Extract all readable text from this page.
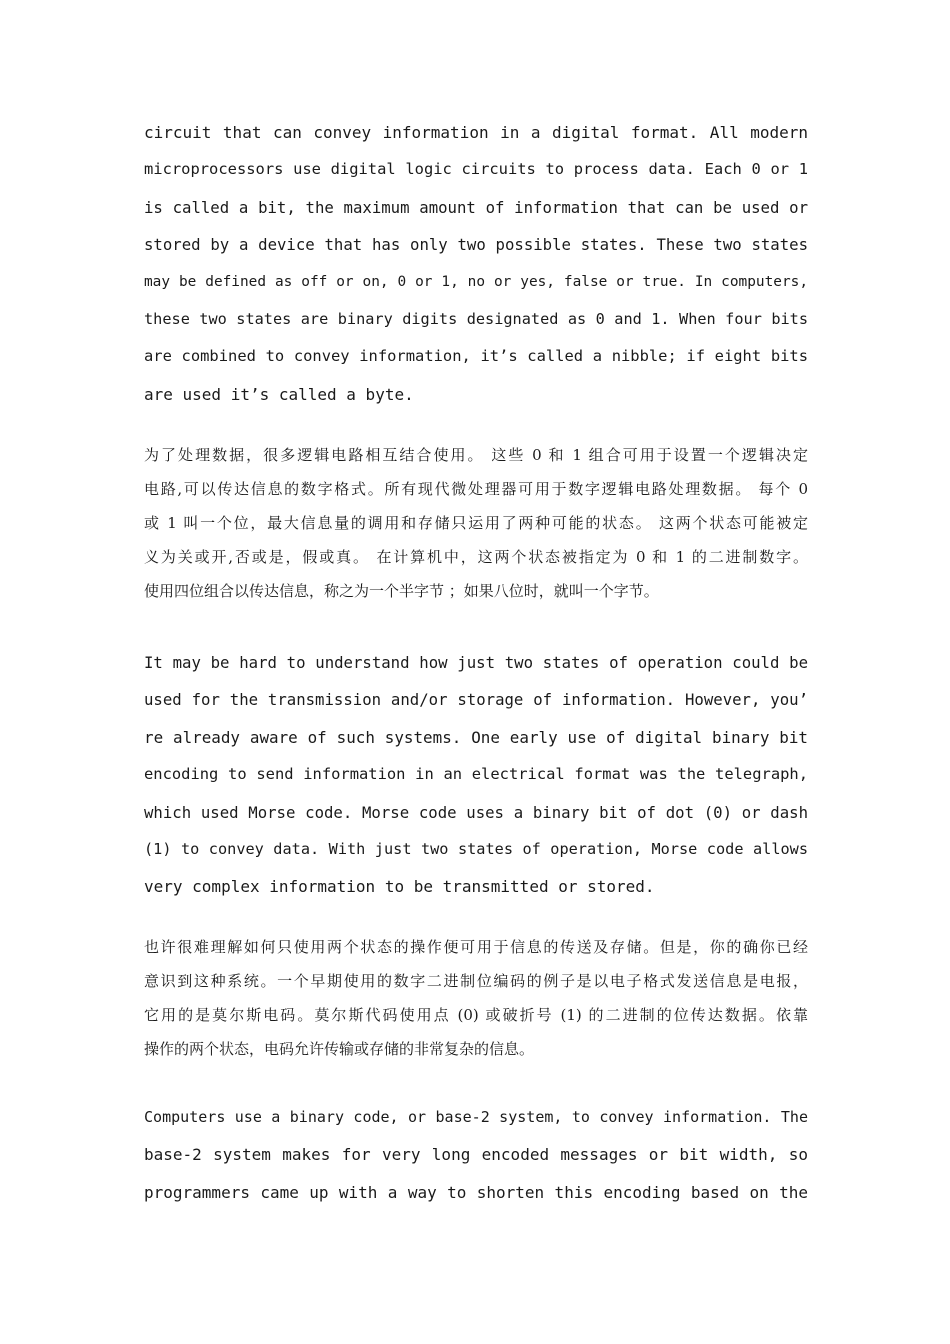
circuit that can convey information in a digital format. All modern
microprocessors use digital logic circuits to process data. Each 0 or 1
is called a bit, the maximum amount of information that can be used or
stored by a device that has only two possible states. These two states
may be defined as off or on, 0 or 1, no or yes, false or true. In computers,
these two states are binary digits designated as 0 and 1. When four bits
are combined to convey information, it’s called a nibble; if eight bits
are used it’s called a byte.
为了处理数据，很多逻辑电路相互结合使用。 这些 0 和 1 组合可用于设置一个逻辑决定
电路,可以传达信息的数字格式。所有现代微处理器可用于数字逻辑电路处理数据。 每个 0
或 1 叫一个位，最大信息量的调用和存储只运用了两种可能的状态。 这两个状态可能被定
义为关或开,否或是，假或真。 在计算机中，这两个状态被指定为 0 和 1 的二进制数字。
使用四位组合以传达信息，称之为一个半字节 ；如果八位时，就叫一个字节。
It may be hard to understand how just two states of operation could be
used for the transmission and/or storage of information. However, you’
re already aware of such systems. One early use of digital binary bit
encoding to send information in an electrical format was the telegraph,
which used Morse code. Morse code uses a binary bit of dot (0) or dash
(1) to convey data. With just two states of operation, Morse code allows
very complex information to be transmitted or stored.
也许很难理解如何只使用两个状态的操作便可用于信息的传送及存储。但是，你的确你已经
意识到这种系统。一个早期使用的数字二进制位编码的例子是以电子格式发送信息是电报，
它用的是莫尔斯电码。莫尔斯代码使用点 (0) 或破折号 (1) 的二进制的位传达数据。依靠
操作的两个状态，电码允许传输或存储的非常复杂的信息。
Computers use a binary code, or base-2 system, to convey information. The
base-2 system makes for very long encoded messages or bit width, so
programmers came up with a way to shorten this encoding based on the
